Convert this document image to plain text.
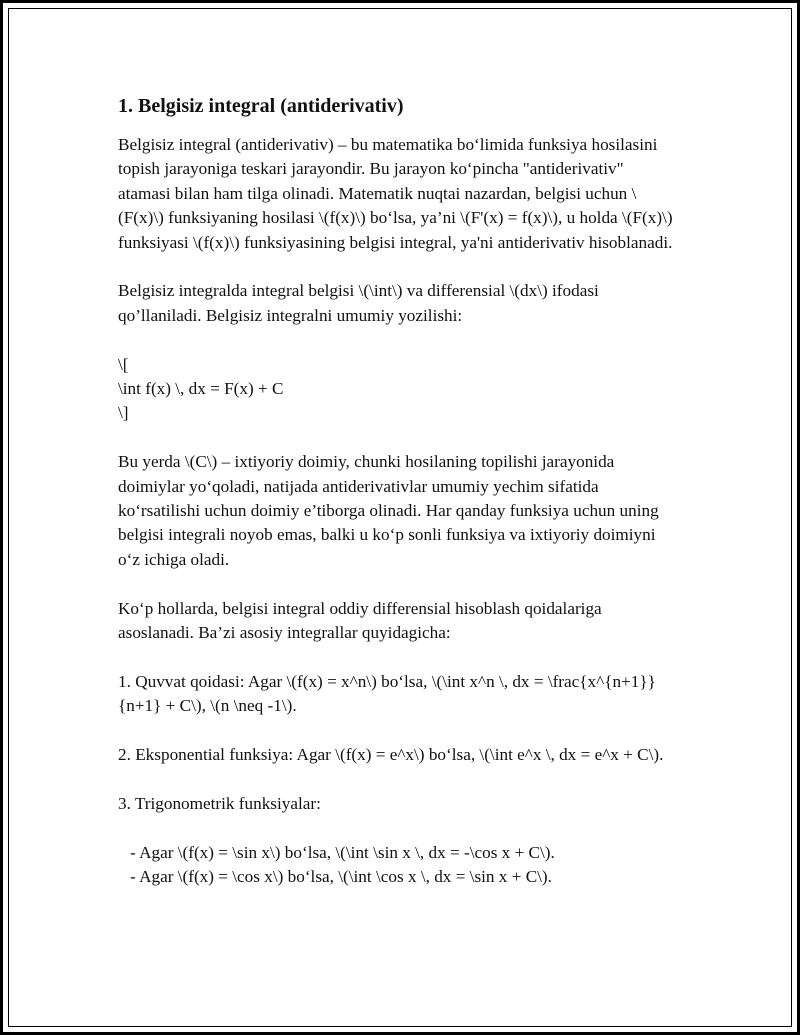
1. Belgisiz integral (antiderivativ)

Belgisiz integral (antiderivativ) – bu matematika bo‘limida funksiya hosilasini topish jarayoniga teskari jarayondir. Bu jarayon ko‘pincha "antiderivativ" atamasi bilan ham tilga olinadi. Matematik nuqtai nazardan, belgisi uchun \(F(x)\) funksiyaning hosilasi \(f(x)\) bo‘lsa, ya’ni \(F'(x) = f(x)\), u holda \(F(x)\) funksiyasi \(f(x)\) funksiyasining belgisi integral, ya'ni antiderivativ hisoblanadi.

Belgisiz integralda integral belgisi \(\int\) va differensial \(dx\) ifodasi qo’llaniladi. Belgisiz integralni umumiy yozilishi:

\[

\int f(x) \, dx = F(x) + C

\]

Bu yerda \(C\) – ixtiyoriy doimiy, chunki hosilaning topilishi jarayonida doimiylar yo‘qoladi, natijada antiderivativlar umumiy yechim sifatida ko‘rsatilishi uchun doimiy e’tiborga olinadi. Har qanday funksiya uchun uning belgisi integrali noyob emas, balki u ko‘p sonli funksiya va ixtiyoriy doimiyni o‘z ichiga oladi.

Ko‘p hollarda, belgisi integral oddiy differensial hisoblash qoidalariga asoslanadi. Ba’zi asosiy integrallar quyidagicha:

1. Quvvat qoidasi: Agar \(f(x) = x^n\) bo‘lsa, \(\int x^n \, dx = \frac{x^{n+1}}{n+1} + C\), \(n \neq -1\).

2. Eksponential funksiya: Agar \(f(x) = e^x\) bo‘lsa, \(\int e^x \, dx = e^x + C\).

3. Trigonometrik funksiyalar:

- Agar \(f(x) = \sin x\) bo‘lsa, \(\int \sin x \, dx = -\cos x + C\).

- Agar \(f(x) = \cos x\) bo‘lsa, \(\int \cos x \, dx = \sin x + C\).
